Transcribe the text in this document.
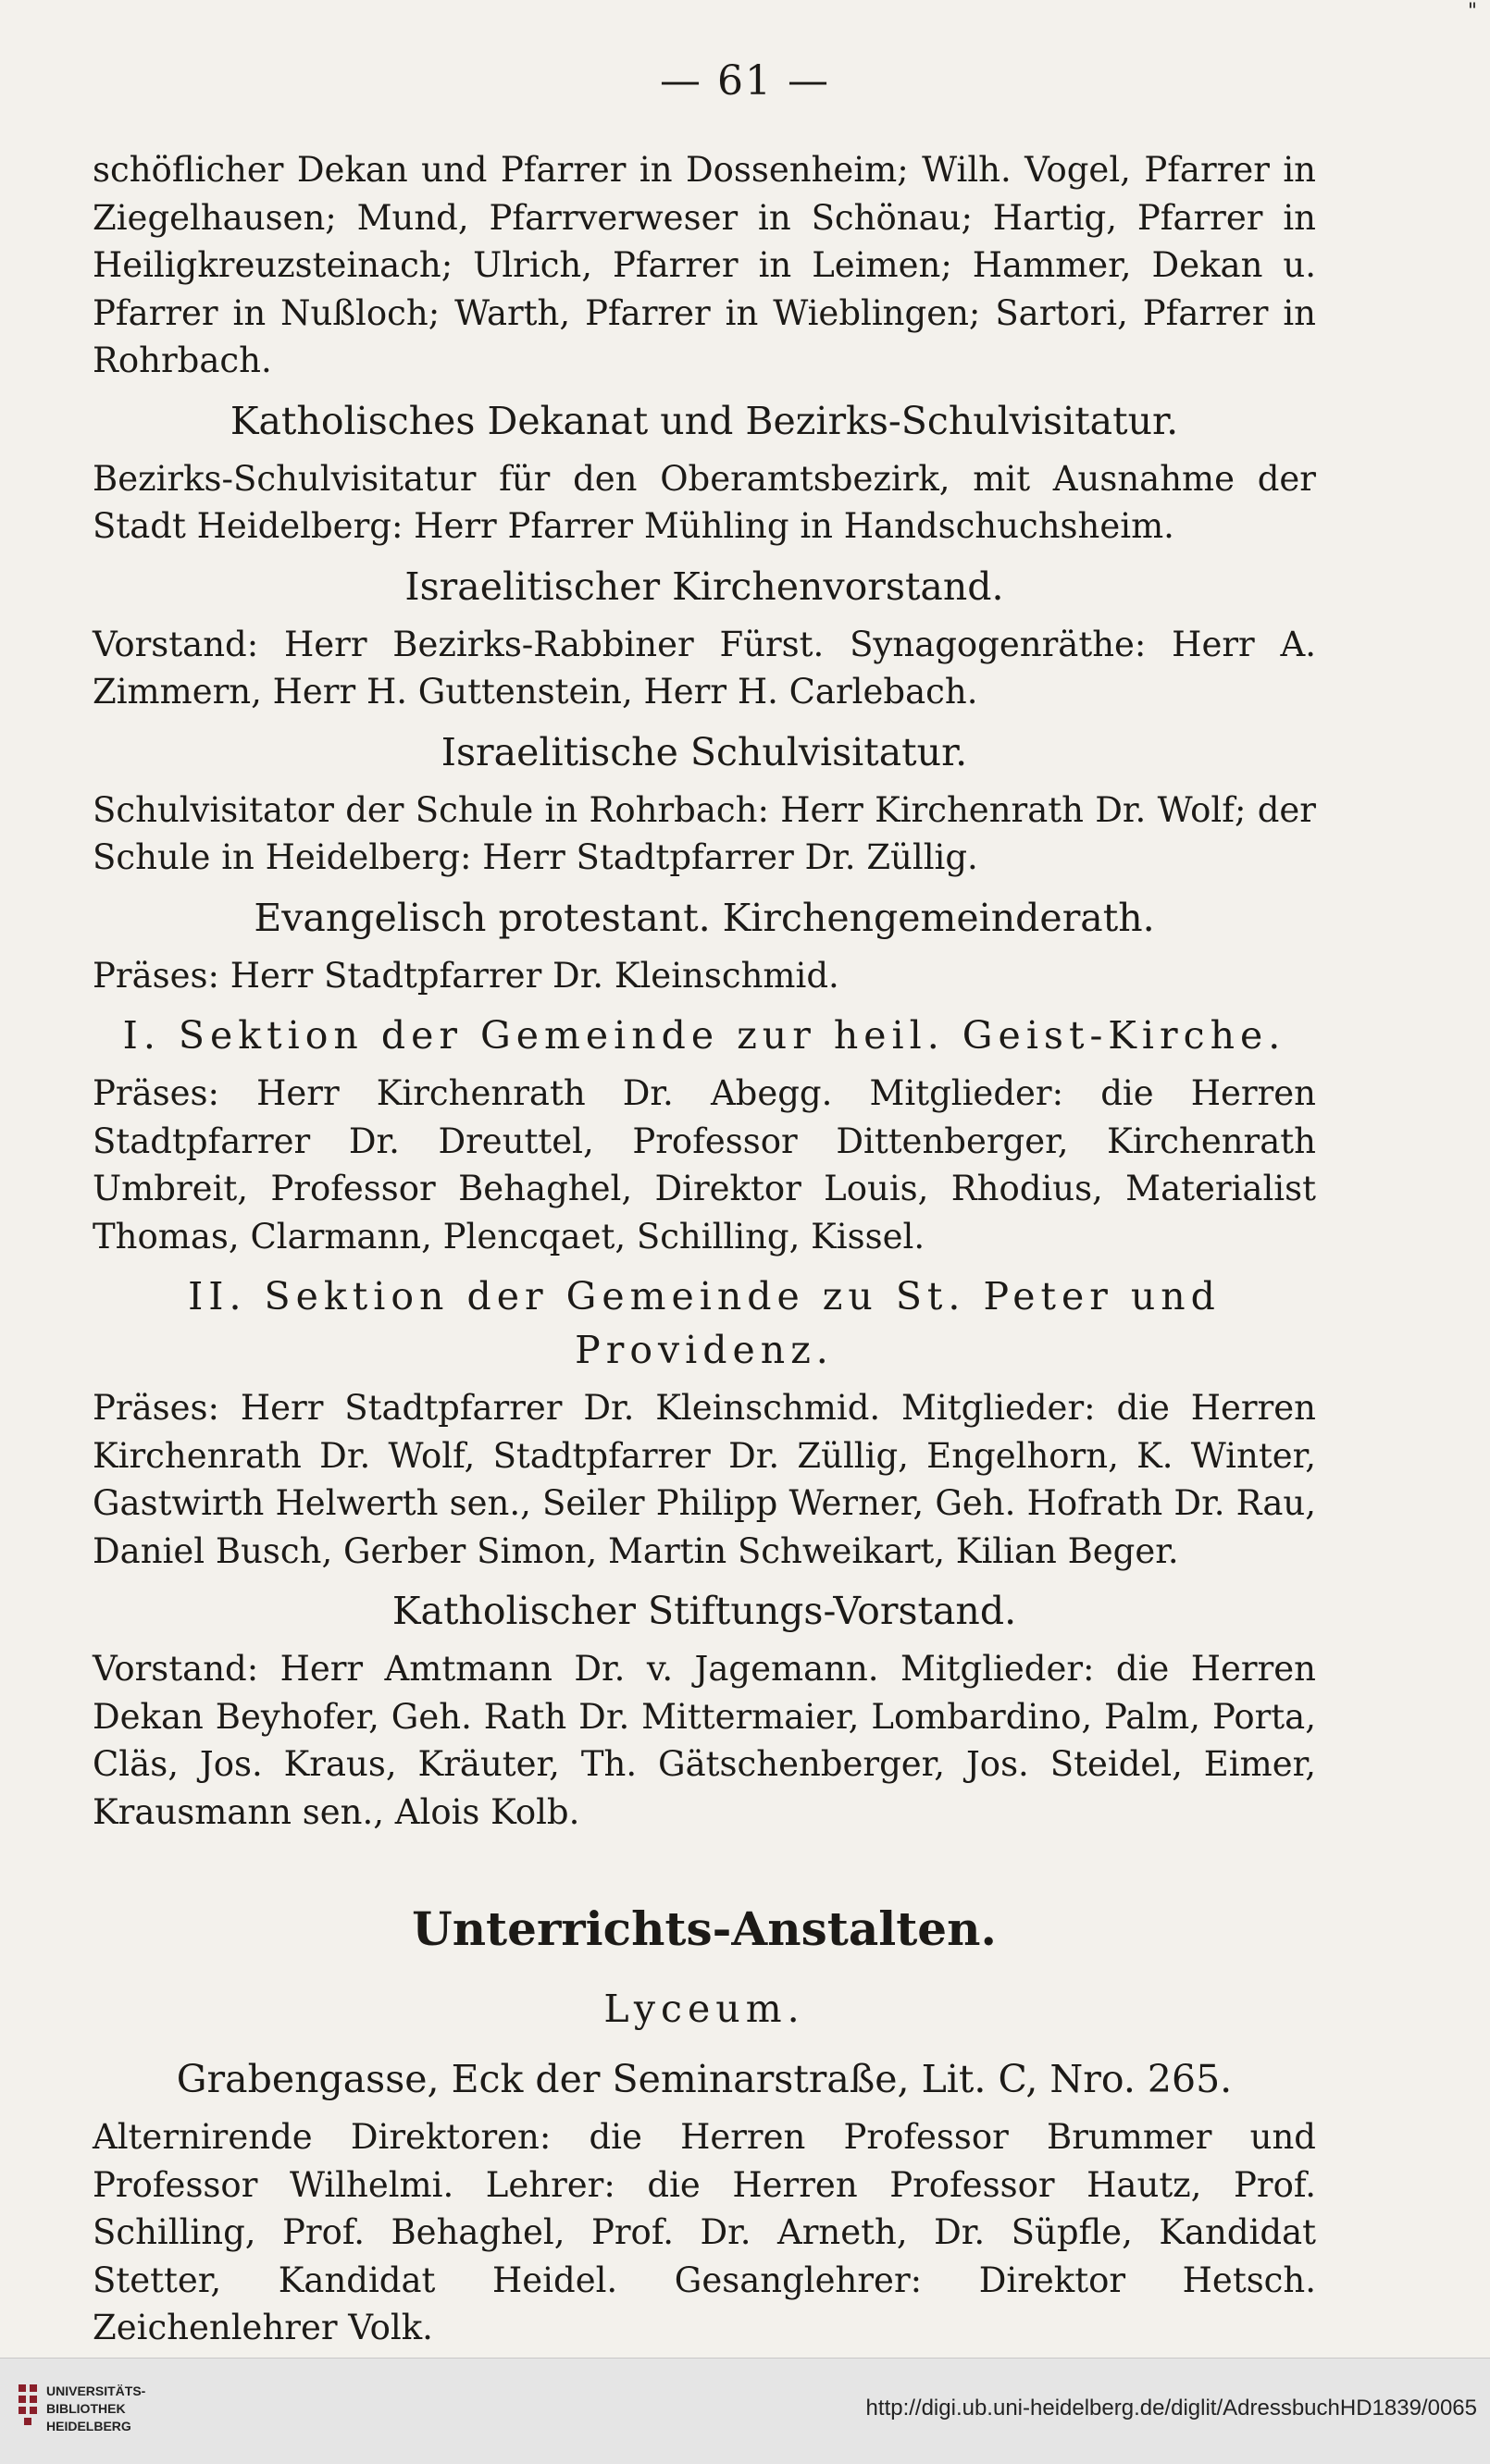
"
— 61 —

schöflicher Dekan und Pfarrer in Dossenheim; Wilh. Vogel, Pfarrer in Ziegelhausen; Mund, Pfarrverweser in Schönau; Hartig, Pfarrer in Heiligkreuzsteinach; Ulrich, Pfarrer in Leimen; Hammer, Dekan u. Pfarrer in Nußloch; Warth, Pfarrer in Wieblingen; Sartori, Pfarrer in Rohrbach.

Katholisches Dekanat und Bezirks-Schulvisitatur.

Bezirks-Schulvisitatur für den Oberamtsbezirk, mit Ausnahme der Stadt Heidelberg: Herr Pfarrer Mühling in Handschuchsheim.

Israelitischer Kirchenvorstand.

Vorstand: Herr Bezirks-Rabbiner Fürst. Synagogenräthe: Herr A. Zimmern, Herr H. Guttenstein, Herr H. Carlebach.

Israelitische Schulvisitatur.

Schulvisitator der Schule in Rohrbach: Herr Kirchenrath Dr. Wolf; der Schule in Heidelberg: Herr Stadtpfarrer Dr. Züllig.

Evangelisch protestant. Kirchengemeinderath.

Präses: Herr Stadtpfarrer Dr. Kleinschmid.

I. Sektion der Gemeinde zur heil. Geist-Kirche.

Präses: Herr Kirchenrath Dr. Abegg. Mitglieder: die Herren Stadtpfarrer Dr. Dreuttel, Professor Dittenberger, Kirchenrath Umbreit, Professor Behaghel, Direktor Louis, Rhodius, Materialist Thomas, Clarmann, Plencqaet, Schilling, Kissel.

II. Sektion der Gemeinde zu St. Peter und Providenz.

Präses: Herr Stadtpfarrer Dr. Kleinschmid. Mitglieder: die Herren Kirchenrath Dr. Wolf, Stadtpfarrer Dr. Züllig, Engelhorn, K. Winter, Gastwirth Helwerth sen., Seiler Philipp Werner, Geh. Hofrath Dr. Rau, Daniel Busch, Gerber Simon, Martin Schweikart, Kilian Beger.

Katholischer Stiftungs-Vorstand.

Vorstand: Herr Amtmann Dr. v. Jagemann. Mitglieder: die Herren Dekan Beyhofer, Geh. Rath Dr. Mittermaier, Lombardino, Palm, Porta, Cläs, Jos. Kraus, Kräuter, Th. Gätschenberger, Jos. Steidel, Eimer, Krausmann sen., Alois Kolb.

Unterrichts-Anstalten.
Lyceum.
Grabengasse, Eck der Seminarstraße, Lit. C, Nro. 265.

Alternirende Direktoren: die Herren Professor Brummer und Professor Wilhelmi. Lehrer: die Herren Professor Hautz, Prof. Schilling, Prof. Behaghel, Prof. Dr. Arneth, Dr. Süpfle, Kandidat Stetter, Kandidat Heidel. Gesanglehrer: Direktor Hetsch. Zeichenlehrer Volk.

UNIVERSITÄTS-
BIBLIOTHEK
HEIDELBERG
http://digi.ub.uni-heidelberg.de/diglit/AdressbuchHD1839/0065
